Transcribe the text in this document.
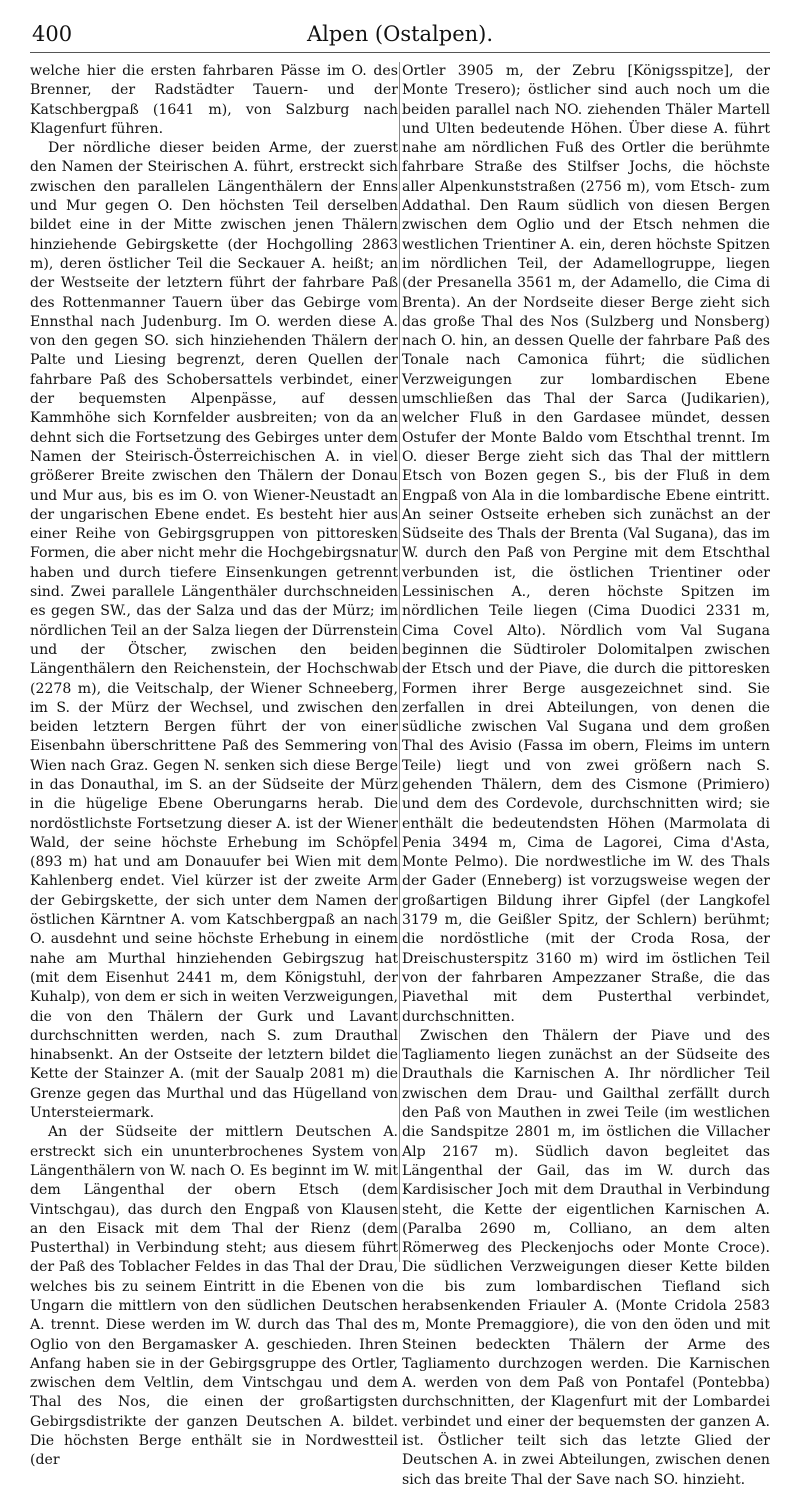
400	Alpen (Ostalpen).

welche hier die ersten fahrbaren Pässe im O. des Brenner, der Radstädter Tauern- und der Katschbergpaß (1641 m), von Salzburg nach Klagenfurt führen.

Der nördliche dieser beiden Arme, der zuerst den Namen der Steirischen A. führt, erstreckt sich zwischen den parallelen Längenthälern der Enns und Mur gegen O. Den höchsten Teil derselben bildet eine in der Mitte zwischen jenen Thälern hinziehende Gebirgskette (der Hochgolling 2863 m), deren östlicher Teil die Seckauer A. heißt; an der Westseite der letztern führt der fahrbare Paß des Rottenmanner Tauern über das Gebirge vom Ennsthal nach Judenburg. Im O. werden diese A. von den gegen SO. sich hinziehenden Thälern der Palte und Liesing begrenzt, deren Quellen der fahrbare Paß des Schobersattels verbindet, einer der bequemsten Alpenpässe, auf dessen Kammhöhe sich Kornfelder ausbreiten; von da an dehnt sich die Fortsetzung des Gebirges unter dem Namen der Steirisch-Österreichischen A. in viel größerer Breite zwischen den Thälern der Donau und Mur aus, bis es im O. von Wiener-Neustadt an der ungarischen Ebene endet. Es besteht hier aus einer Reihe von Gebirgsgruppen von pittoresken Formen, die aber nicht mehr die Hochgebirgsnatur haben und durch tiefere Einsenkungen getrennt sind. Zwei parallele Längenthäler durchschneiden es gegen SW., das der Salza und das der Mürz; im nördlichen Teil an der Salza liegen der Dürrenstein und der Ötscher, zwischen den beiden Längenthälern den Reichenstein, der Hochschwab (2278 m), die Veitschalp, der Wiener Schneeberg, im S. der Mürz der Wechsel, und zwischen den beiden letztern Bergen führt der von einer Eisenbahn überschrittene Paß des Semmering von Wien nach Graz. Gegen N. senken sich diese Berge in das Donauthal, im S. an der Südseite der Mürz in die hügelige Ebene Oberungarns herab. Die nordöstlichste Fortsetzung dieser A. ist der Wiener Wald, der seine höchste Erhebung im Schöpfel (893 m) hat und am Donauufer bei Wien mit dem Kahlenberg endet. Viel kürzer ist der zweite Arm der Gebirgskette, der sich unter dem Namen der östlichen Kärntner A. vom Katschbergpaß an nach O. ausdehnt und seine höchste Erhebung in einem nahe am Murthal hinziehenden Gebirgszug hat (mit dem Eisenhut 2441 m, dem Königstuhl, der Kuhalp), von dem er sich in weiten Verzweigungen, die von den Thälern der Gurk und Lavant durchschnitten werden, nach S. zum Drauthal hinabsenkt. An der Ostseite der letztern bildet die Kette der Stainzer A. (mit der Saualp 2081 m) die Grenze gegen das Murthal und das Hügelland von Untersteiermark.

An der Südseite der mittlern Deutschen A. erstreckt sich ein ununterbrochenes System von Längenthälern von W. nach O. Es beginnt im W. mit dem Längenthal der obern Etsch (dem Vintschgau), das durch den Engpaß von Klausen an den Eisack mit dem Thal der Rienz (dem Pusterthal) in Verbindung steht; aus diesem führt der Paß des Toblacher Feldes in das Thal der Drau, welches bis zu seinem Eintritt in die Ebenen von Ungarn die mittlern von den südlichen Deutschen A. trennt. Diese werden im W. durch das Thal des Oglio von den Bergamasker A. geschieden. Ihren Anfang haben sie in der Gebirgsgruppe des Ortler, zwischen dem Veltlin, dem Vintschgau und dem Thal des Nos, die einen der großartigsten Gebirgsdistrikte der ganzen Deutschen A. bildet. Die höchsten Berge enthält sie in Nordwestteil (der

Ortler 3905 m, der Zebru [Königsspitze], der Monte Tresero); östlicher sind auch noch um die beiden parallel nach NO. ziehenden Thäler Martell und Ulten bedeutende Höhen. Über diese A. führt nahe am nördlichen Fuß des Ortler die berühmte fahrbare Straße des Stilfser Jochs, die höchste aller Alpenkunststraßen (2756 m), vom Etsch- zum Addathal. Den Raum südlich von diesen Bergen zwischen dem Oglio und der Etsch nehmen die westlichen Trientiner A. ein, deren höchste Spitzen im nördlichen Teil, der Adamellogruppe, liegen (der Presanella 3561 m, der Adamello, die Cima di Brenta). An der Nordseite dieser Berge zieht sich das große Thal des Nos (Sulzberg und Nonsberg) nach O. hin, an dessen Quelle der fahrbare Paß des Tonale nach Camonica führt; die südlichen Verzweigungen zur lombardischen Ebene umschließen das Thal der Sarca (Judikarien), welcher Fluß in den Gardasee mündet, dessen Ostufer der Monte Baldo vom Etschthal trennt. Im O. dieser Berge zieht sich das Thal der mittlern Etsch von Bozen gegen S., bis der Fluß in dem Engpaß von Ala in die lombardische Ebene eintritt. An seiner Ostseite erheben sich zunächst an der Südseite des Thals der Brenta (Val Sugana), das im W. durch den Paß von Pergine mit dem Etschthal verbunden ist, die östlichen Trientiner oder Lessinischen A., deren höchste Spitzen im nördlichen Teile liegen (Cima Duodici 2331 m, Cima Covel Alto). Nördlich vom Val Sugana beginnen die Südtiroler Dolomitalpen zwischen der Etsch und der Piave, die durch die pittoresken Formen ihrer Berge ausgezeichnet sind. Sie zerfallen in drei Abteilungen, von denen die südliche zwischen Val Sugana und dem großen Thal des Avisio (Fassa im obern, Fleims im untern Teile) liegt und von zwei größern nach S. gehenden Thälern, dem des Cismone (Primiero) und dem des Cordevole, durchschnitten wird; sie enthält die bedeutendsten Höhen (Marmolata di Penia 3494 m, Cima de Lagorei, Cima d'Asta, Monte Pelmo). Die nordwestliche im W. des Thals der Gader (Enneberg) ist vorzugsweise wegen der großartigen Bildung ihrer Gipfel (der Langkofel 3179 m, die Geißler Spitz, der Schlern) berühmt; die nordöstliche (mit der Croda Rosa, der Dreischusterspitz 3160 m) wird im östlichen Teil von der fahrbaren Ampezzaner Straße, die das Piavethal mit dem Pusterthal verbindet, durchschnitten.

Zwischen den Thälern der Piave und des Tagliamento liegen zunächst an der Südseite des Drauthals die Karnischen A. Ihr nördlicher Teil zwischen dem Drau- und Gailthal zerfällt durch den Paß von Mauthen in zwei Teile (im westlichen die Sandspitze 2801 m, im östlichen die Villacher Alp 2167 m). Südlich davon begleitet das Längenthal der Gail, das im W. durch das Kardisischer Joch mit dem Drauthal in Verbindung steht, die Kette der eigentlichen Karnischen A. (Paralba 2690 m, Colliano, an dem alten Römerweg des Pleckenjochs oder Monte Croce). Die südlichen Verzweigungen dieser Kette bilden die bis zum lombardischen Tiefland sich herabsenkenden Friauler A. (Monte Cridola 2583 m, Monte Premaggiore), die von den öden und mit Steinen bedeckten Thälern der Arme des Tagliamento durchzogen werden. Die Karnischen A. werden von dem Paß von Pontafel (Pontebba) durchschnitten, der Klagenfurt mit der Lombardei verbindet und einer der bequemsten der ganzen A. ist. Östlicher teilt sich das letzte Glied der Deutschen A. in zwei Abteilungen, zwischen denen sich das breite Thal der Save nach SO. hinzieht.
